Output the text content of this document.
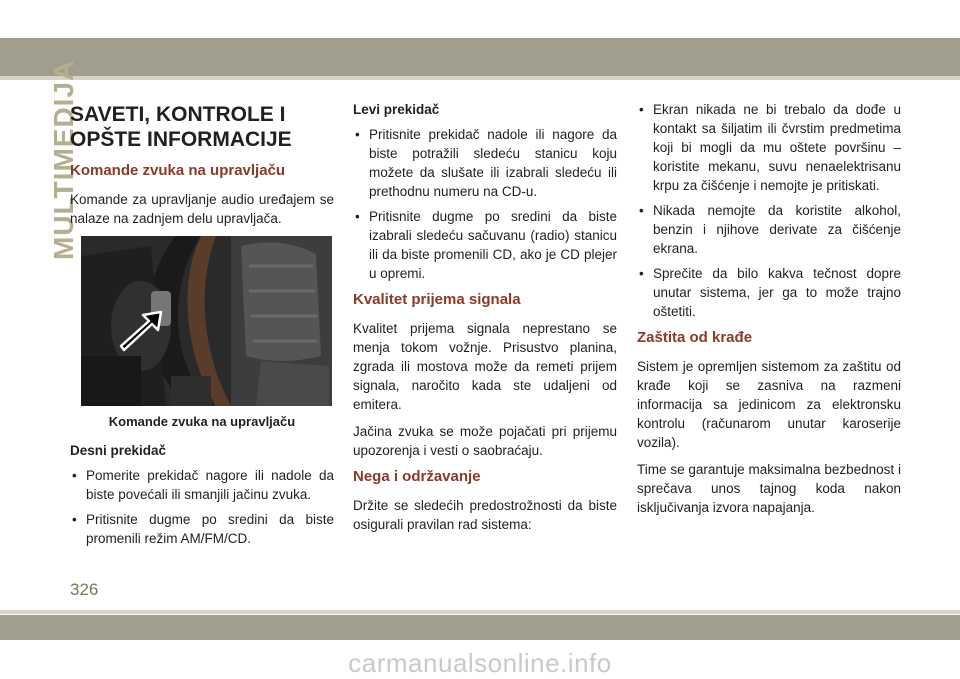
MULTIMEDIJA
SAVETI, KONTROLE I
OPŠTE INFORMACIJE
Komande zvuka na upravljaču

Komande za upravljanje audio uređajem se nalaze na zadnjem delu upravljača.

Komande zvuka na upravljaču
Desni prekidač
• Pomerite prekidač nagore ili nadole da biste povećali ili smanjili jačinu zvuka.
• Pritisnite dugme po sredini da biste promenili režim AM/FM/CD.
Levi prekidač
• Pritisnite prekidač nadole ili nagore da biste potražili sledeću stanicu koju možete da slušate ili izabrali sledeću ili prethodnu numeru na CD-u.
• Pritisnite dugme po sredini da biste izabrali sledeću sačuvanu (radio) stanicu ili da biste promenili CD, ako je CD plejer u opremi.
Kvalitet prijema signala

Kvalitet prijema signala neprestano se menja tokom vožnje. Prisustvo planina, zgrada ili mostova može da remeti prijem signala, naročito kada ste udaljeni od emitera.

Jačina zvuka se može pojačati pri prijemu upozorenja i vesti o saobraćaju.

Nega i održavanje

Držite se sledećih predostrožnosti da biste osigurali pravilan rad sistema:

• Ekran nikada ne bi trebalo da dođe u kontakt sa šiljatim ili čvrstim predmetima koji bi mogli da mu oštete površinu – koristite mekanu, suvu nenaelektrisanu krpu za čišćenje i nemojte je pritiskati.
• Nikada nemojte da koristite alkohol, benzin i njihove derivate za čišćenje ekrana.
• Sprečite da bilo kakva tečnost dopre unutar sistema, jer ga to može trajno oštetiti.
Zaštita od krađe

Sistem je opremljen sistemom za zaštitu od krađe koji se zasniva na razmeni informacija sa jedinicom za elektronsku kontrolu (računarom unutar karoserije vozila).

Time se garantuje maksimalna bezbednost i sprečava unos tajnog koda nakon isključivanja izvora napajanja.

326
carmanualsonline.info
